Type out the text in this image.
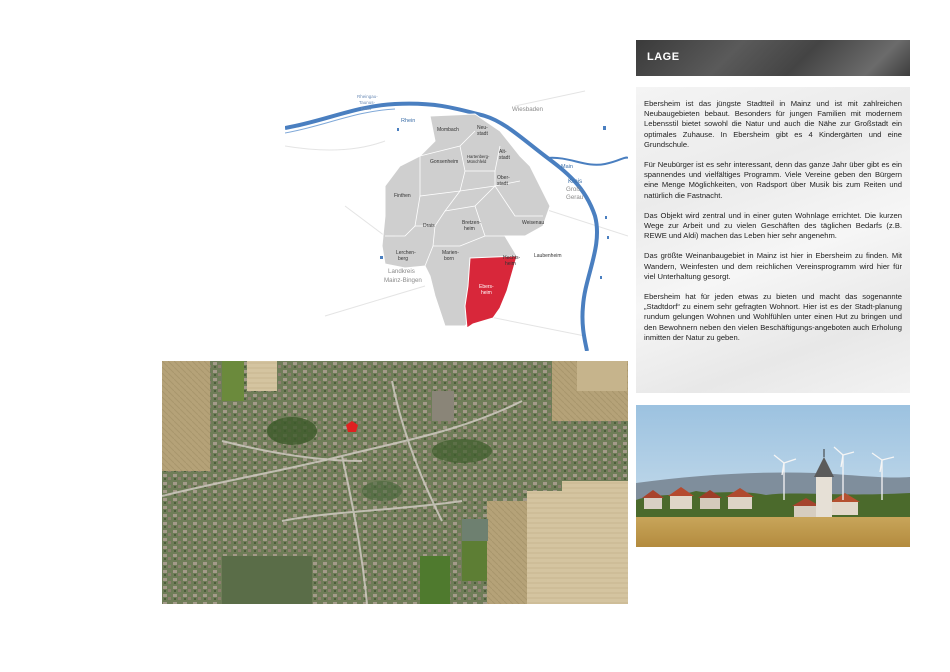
LAGE

Ebersheim ist das jüngste Stadtteil in Mainz und ist mit zahlreichen Neubaugebieten bebaut. Besonders für jungen Familien mit modernem Lebensstil bietet sowohl die Natur und auch die Nähe zur Großstadt ein optimales Zuhause. In Ebersheim gibt es 4 Kindergärten und eine Grundschule.

Für Neubürger ist es sehr interessant, denn das ganze Jahr über gibt es ein spannendes und vielfältiges Programm. Viele Vereine geben den Bürgern eine Menge Möglichkeiten, von Radsport über Musik bis zum Reiten und natürlich die Fastnacht.

Das Objekt wird zentral und in einer guten Wohnlage errichtet. Die kurzen Wege zur Arbeit und zu vielen Geschäften des täglichen Bedarfs (z.B. REWE und Aldi) machen das Leben hier sehr angenehm.

Das größte Weinanbaugebiet in Mainz ist hier in Ebersheim zu finden. Mit Wandern, Weinfesten und dem reichlichen Vereinsprogramm wird hier für viel Unterhaltung gesorgt.

Ebersheim hat für jeden etwas zu bieten und macht das sogenannte „Stadtdorf“ zu einem sehr gefragten Wohnort. Hier ist es der Stadt-planung rundum gelungen Wohnen und Wohlfühlen unter einen Hut zu bringen und den Bewohnern neben den vielen Beschäftigungs-angeboten auch Erholung inmitten der Natur zu geben.

Wiesbaden
Kreis
Groß-
Gerau
Landkreis
Mainz-Bingen
Rhein
Main
Rheingau-
Taunus-
Kreis
Mombach	Neu-
stadt
Alt-
stadt
Hartenberg-
Münchfeld
Gonsenheim
Ober-
stadt
Finthen
Drais	Bretzen-
heim
Weisenau
Lerchen-
berg
Marien-
born	Hechts-
heim
Laubenheim
Ebers-
heim
